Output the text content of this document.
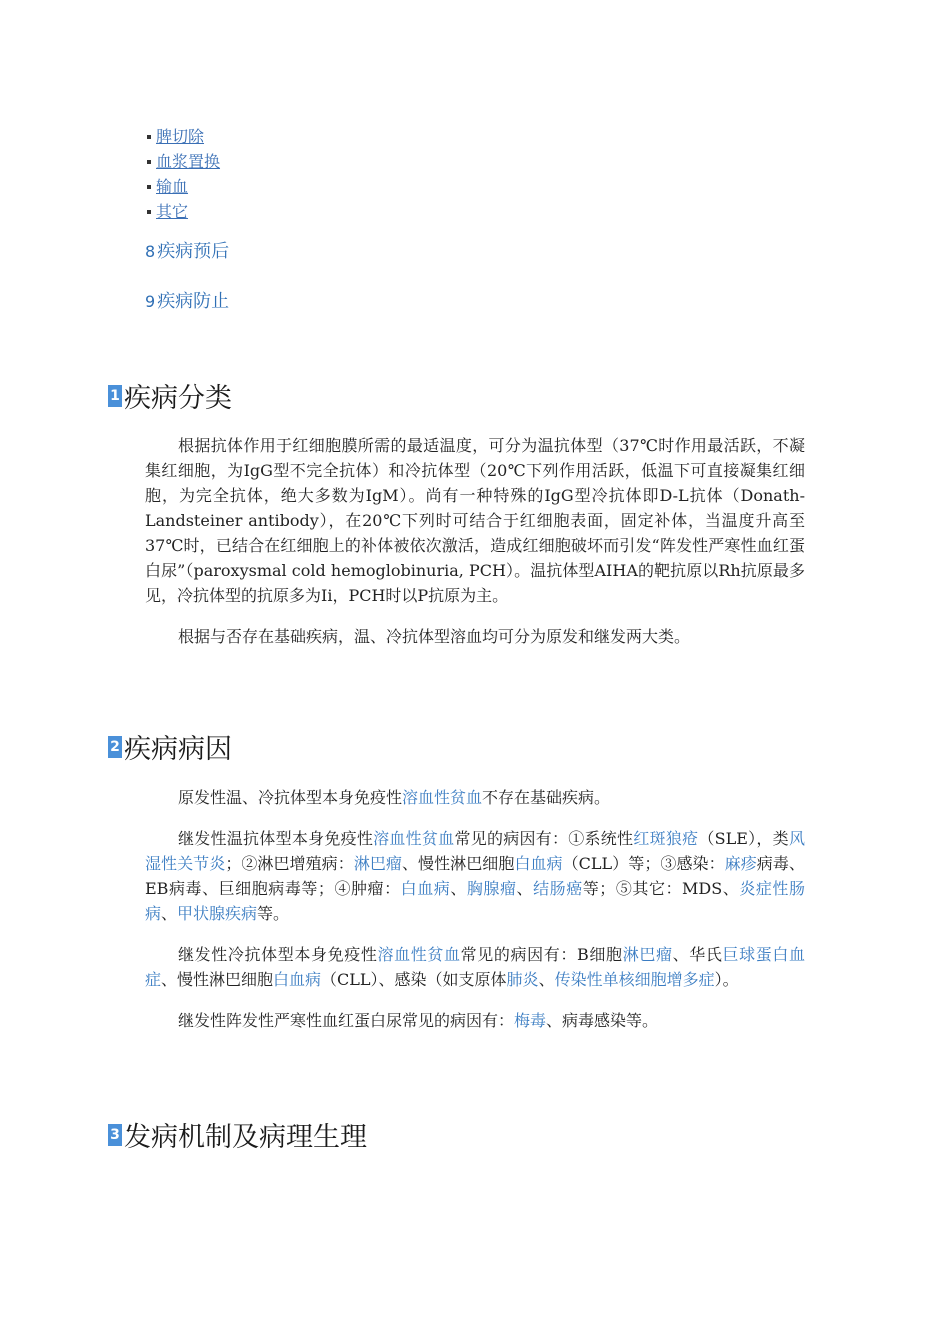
脾切除
血浆置换
输血
其它
8 疾病预后
9 疾病防止
1 疾病分类

根据抗体作用于红细胞膜所需的最适温度，可分为温抗体型（37℃时作用最活跃，不凝集红细胞，为IgG型不完全抗体）和冷抗体型（20℃下列作用活跃，低温下可直接凝集红细胞，为完全抗体，绝大多数为IgM）。尚有一种特殊的IgG型冷抗体即D-L抗体（Donath-Landsteiner antibody），在20℃下列时可结合于红细胞表面，固定补体，当温度升高至37℃时，已结合在红细胞上的补体被依次激活，造成红细胞破坏而引发“阵发性严寒性血红蛋白尿”（paroxysmal cold hemoglobinuria, PCH）。温抗体型AIHA的靶抗原以Rh抗原最多见，冷抗体型的抗原多为Ii，PCH时以P抗原为主。

根据与否存在基础疾病，温、冷抗体型溶血均可分为原发和继发两大类。

2 疾病病因

原发性温、冷抗体型本身免疫性溶血性贫血不存在基础疾病。

继发性温抗体型本身免疫性溶血性贫血常见的病因有：①系统性红斑狼疮（SLE），类风湿性关节炎；②淋巴增殖病：淋巴瘤、慢性淋巴细胞白血病（CLL）等；③感染：麻疹病毒、EB病毒、巨细胞病毒等；④肿瘤：白血病、胸腺瘤、结肠癌等；⑤其它：MDS、炎症性肠病、甲状腺疾病等。

继发性冷抗体型本身免疫性溶血性贫血常见的病因有：B细胞淋巴瘤、华氏巨球蛋白血症、慢性淋巴细胞白血病（CLL）、感染（如支原体肺炎、传染性单核细胞增多症）。

继发性阵发性严寒性血红蛋白尿常见的病因有：梅毒、病毒感染等。

3 发病机制及病理生理
